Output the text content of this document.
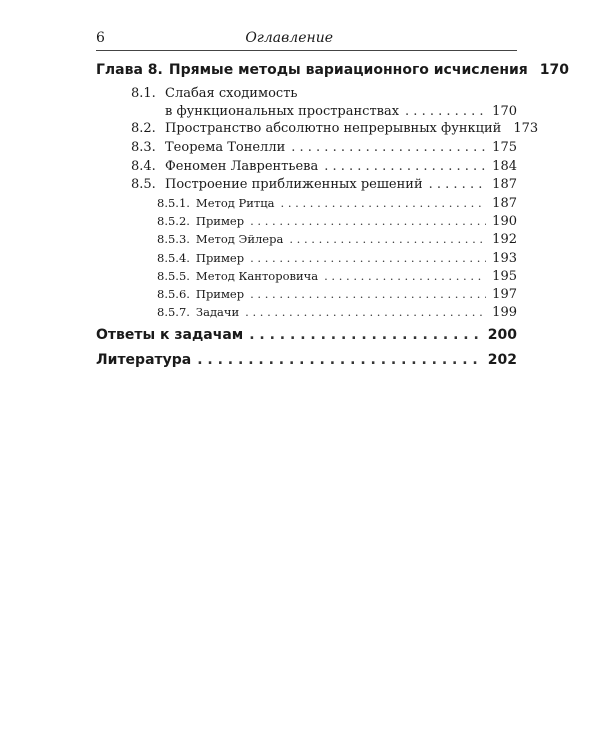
6	Оглавление
Глава 8. Прямые методы вариационного исчисления 170
8.1. Слабая сходимость
в функциональных пространствах . . .	170
8.2. Пространство абсолютно непрерывных функций 173
8.3. Теорема Тонелли . . .	175
8.4. Феномен Лаврентьева . . .	184
8.5. Построение приближенных решений . . .	187
8.5.1. Метод Ритца . . .	187
8.5.2. Пример . . .	190
8.5.3. Метод Эйлера . . .	192
8.5.4. Пример . . .	193
8.5.5. Метод Канторовича . . .	195
8.5.6. Пример . . .	197
8.5.7. Задачи . . .	199
Ответы к задачам . . .	200
Литература . . .	202
